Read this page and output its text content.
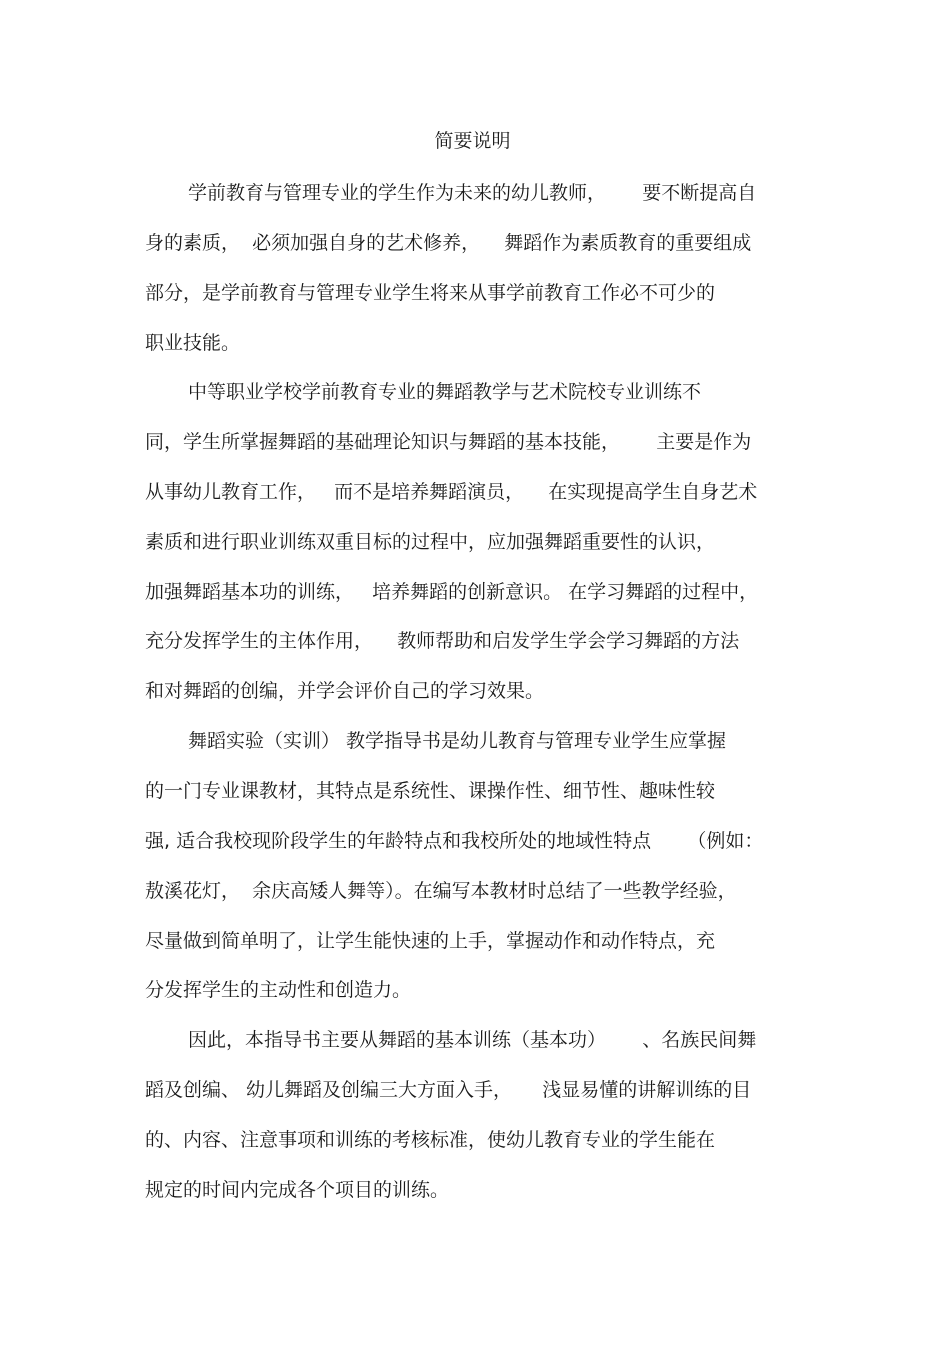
简要说明
学前教育与管理专业的学生作为未来的幼儿教师，      要不断提高自
身的素质，  必须加强自身的艺术修养，    舞蹈作为素质教育的重要组成
部分，是学前教育与管理专业学生将来从事学前教育工作必不可少的
职业技能。
中等职业学校学前教育专业的舞蹈教学与艺术院校专业训练不
同，学生所掌握舞蹈的基础理论知识与舞蹈的基本技能，      主要是作为
从事幼儿教育工作，   而不是培养舞蹈演员，    在实现提高学生自身艺术
素质和进行职业训练双重目标的过程中，应加强舞蹈重要性的认识，
加强舞蹈基本功的训练，   培养舞蹈的创新意识。 在学习舞蹈的过程中，
充分发挥学生的主体作用，    教师帮助和启发学生学会学习舞蹈的方法
和对舞蹈的创编，并学会评价自己的学习效果。
舞蹈实验（实训） 教学指导书是幼儿教育与管理专业学生应掌握
的一门专业课教材，其特点是系统性、课操作性、细节性、趣味性较
强, 适合我校现阶段学生的年龄特点和我校所处的地域性特点      （例如：
敖溪花灯，  余庆高矮人舞等）。在编写本教材时总结了一些教学经验，
尽量做到简单明了，让学生能快速的上手，掌握动作和动作特点，充
分发挥学生的主动性和创造力。
因此，本指导书主要从舞蹈的基本训练（基本功）      、名族民间舞
蹈及创编、 幼儿舞蹈及创编三大方面入手，     浅显易懂的讲解训练的目
的、内容、注意事项和训练的考核标准，使幼儿教育专业的学生能在
规定的时间内完成各个项目的训练。
